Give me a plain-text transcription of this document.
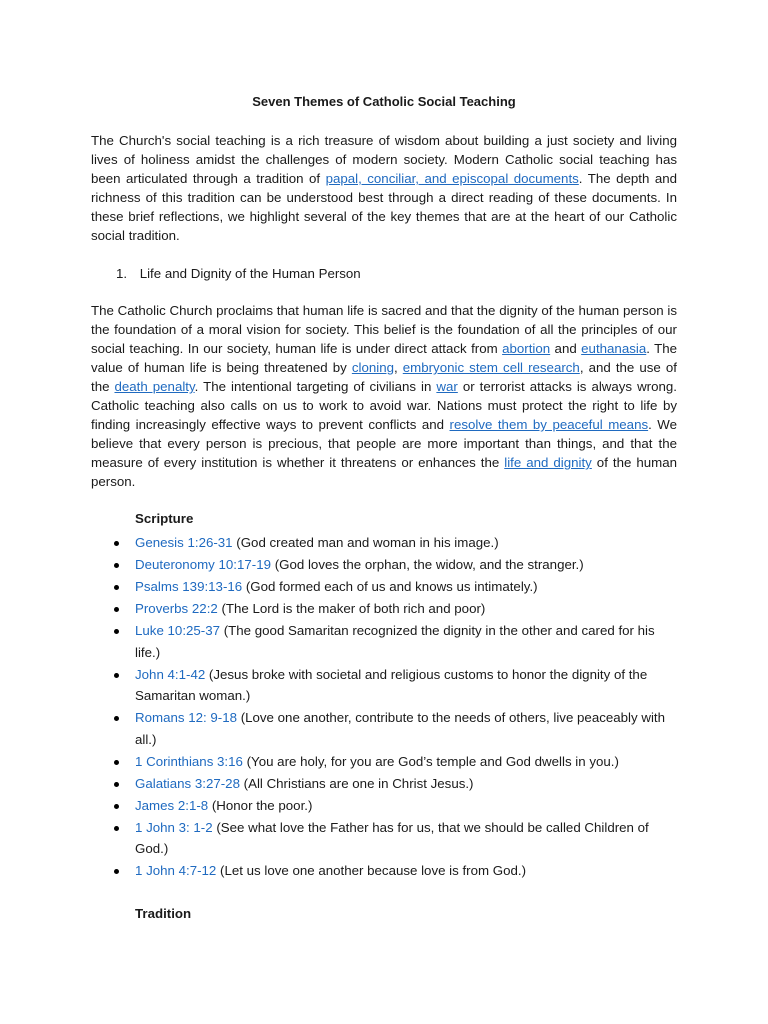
Seven Themes of Catholic Social Teaching

The Church's social teaching is a rich treasure of wisdom about building a just society and living lives of holiness amidst the challenges of modern society. Modern Catholic social teaching has been articulated through a tradition of papal, conciliar, and episcopal documents. The depth and richness of this tradition can be understood best through a direct reading of these documents. In these brief reflections, we highlight several of the key themes that are at the heart of our Catholic social tradition.

1. Life and Dignity of the Human Person

The Catholic Church proclaims that human life is sacred and that the dignity of the human person is the foundation of a moral vision for society. This belief is the foundation of all the principles of our social teaching. In our society, human life is under direct attack from abortion and euthanasia. The value of human life is being threatened by cloning, embryonic stem cell research, and the use of the death penalty. The intentional targeting of civilians in war or terrorist attacks is always wrong. Catholic teaching also calls on us to work to avoid war. Nations must protect the right to life by finding increasingly effective ways to prevent conflicts and resolve them by peaceful means. We believe that every person is precious, that people are more important than things, and that the measure of every institution is whether it threatens or enhances the life and dignity of the human person.

Scripture
Genesis 1:26-31 (God created man and woman in his image.)
Deuteronomy 10:17-19 (God loves the orphan, the widow, and the stranger.)
Psalms 139:13-16 (God formed each of us and knows us intimately.)
Proverbs 22:2 (The Lord is the maker of both rich and poor)
Luke 10:25-37 (The good Samaritan recognized the dignity in the other and cared for his life.)
John 4:1-42 (Jesus broke with societal and religious customs to honor the dignity of the Samaritan woman.)
Romans 12: 9-18 (Love one another, contribute to the needs of others, live peaceably with all.)
1 Corinthians 3:16 (You are holy, for you are God’s temple and God dwells in you.)
Galatians 3:27-28 (All Christians are one in Christ Jesus.)
James 2:1-8 (Honor the poor.)
1 John 3: 1-2 (See what love the Father has for us, that we should be called Children of God.)
1 John 4:7-12 (Let us love one another because love is from God.)
Tradition
